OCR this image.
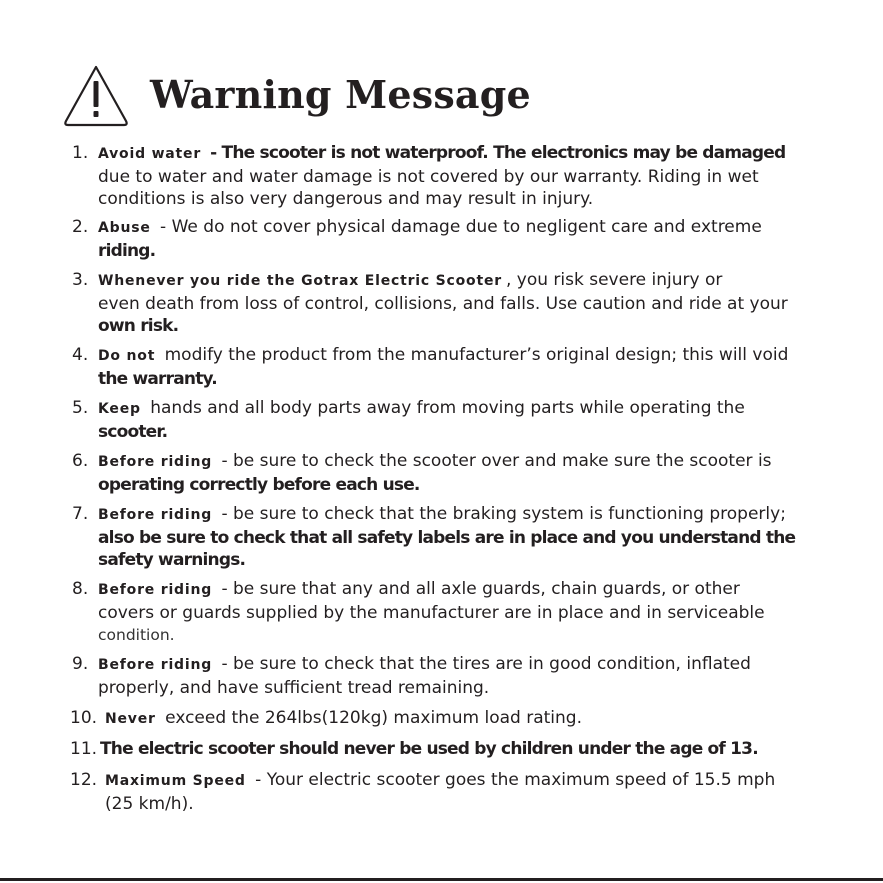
Warning Message
1. Avoid water - The scooter is not waterproof. The electronics may be damaged
due to water and water damage is not covered by our warranty. Riding in wet
conditions is also very dangerous and may result in injury.
2. Abuse - We do not cover physical damage due to negligent care and extreme
riding.
3. Whenever you ride the Gotrax Electric Scooter , you risk severe injury or
even death from loss of control, collisions, and falls. Use caution and ride at your
own risk.
4. Do not modify the product from the manufacturer’s original design; this will void
the warranty.
5. Keep hands and all body parts away from moving parts while operating the
scooter.
6. Before riding - be sure to check the scooter over and make sure the scooter is
operating correctly before each use.
7. Before riding - be sure to check that the braking system is functioning properly;
also be sure to check that all safety labels are in place and you understand the
safety warnings.
8. Before riding - be sure that any and all axle guards, chain guards, or other
covers or guards supplied by the manufacturer are in place and in serviceable
condition.
9. Before riding - be sure to check that the tires are in good condition, inflated
properly, and have sufficient tread remaining.
10. Never exceed the 264lbs(120kg) maximum load rating.
11. The electric scooter should never be used by children under the age of 13.
12. Maximum Speed - Your electric scooter goes the maximum speed of 15.5 mph
(25 km/h).
